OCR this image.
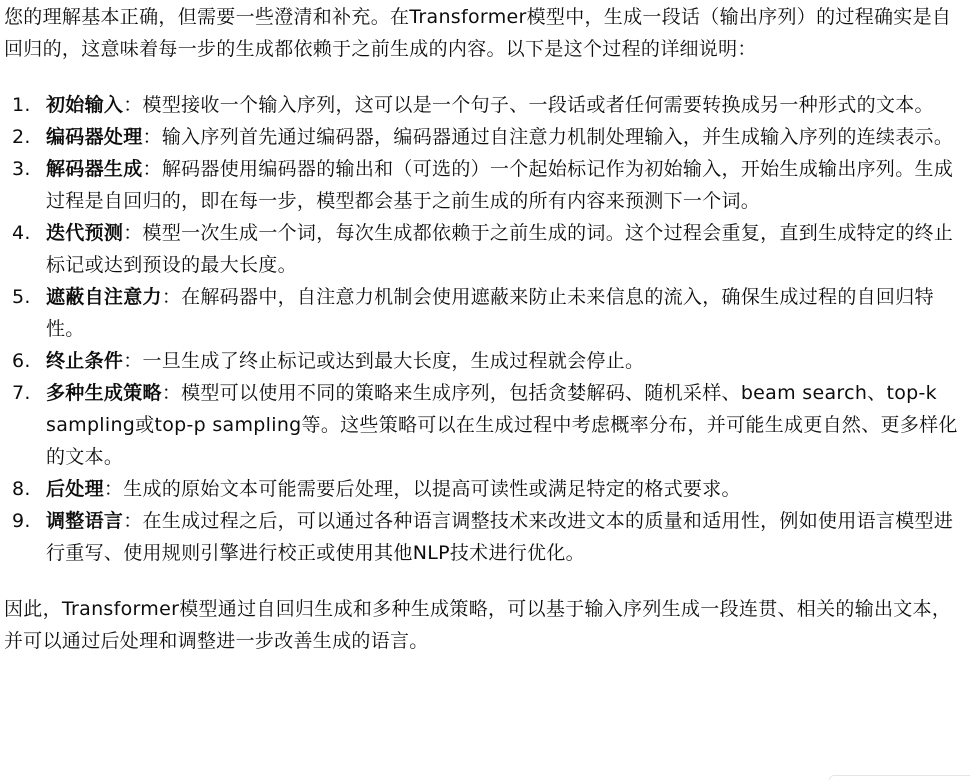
您的理解基本正确，但需要一些澄清和补充。在Transformer模型中，生成一段话（输出序列）的过程确实是自回归的，这意味着每一步的生成都依赖于之前生成的内容。以下是这个过程的详细说明：

1. 初始输入：模型接收一个输入序列，这可以是一个句子、一段话或者任何需要转换成另一种形式的文本。
2. 编码器处理：输入序列首先通过编码器，编码器通过自注意力机制处理输入，并生成输入序列的连续表示。
3. 解码器生成：解码器使用编码器的输出和（可选的）一个起始标记作为初始输入，开始生成输出序列。生成过程是自回归的，即在每一步，模型都会基于之前生成的所有内容来预测下一个词。
4. 迭代预测：模型一次生成一个词，每次生成都依赖于之前生成的词。这个过程会重复，直到生成特定的终止标记或达到预设的最大长度。
5. 遮蔽自注意力：在解码器中，自注意力机制会使用遮蔽来防止未来信息的流入，确保生成过程的自回归特性。
6. 终止条件：一旦生成了终止标记或达到最大长度，生成过程就会停止。
7. 多种生成策略：模型可以使用不同的策略来生成序列，包括贪婪解码、随机采样、beam search、top-k sampling或top-p sampling等。这些策略可以在生成过程中考虑概率分布，并可能生成更自然、更多样化的文本。
8. 后处理：生成的原始文本可能需要后处理，以提高可读性或满足特定的格式要求。
9. 调整语言：在生成过程之后，可以通过各种语言调整技术来改进文本的质量和适用性，例如使用语言模型进行重写、使用规则引擎进行校正或使用其他NLP技术进行优化。

因此，Transformer模型通过自回归生成和多种生成策略，可以基于输入序列生成一段连贯、相关的输出文本，并可以通过后处理和调整进一步改善生成的语言。
